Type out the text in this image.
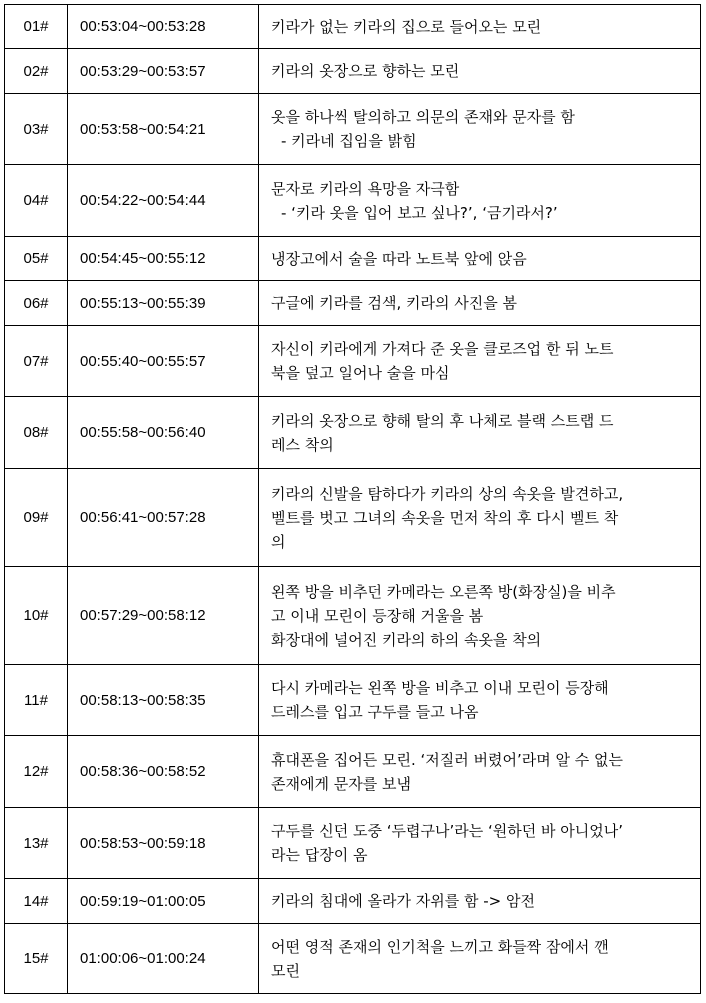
01#	00:53:04~00:53:28	키라가 없는 키라의 집으로 들어오는 모린

02#	00:53:29~00:53:57	키라의 옷장으로 향하는 모린

03#	00:53:58~00:54:21	옷을 하나씩 탈의하고 의문의 존재와 문자를 함
- 키라네 집임을 밝힘

04#	00:54:22~00:54:44	문자로 키라의 욕망을 자극함
- ‘키라 옷을 입어 보고 싶나?’, ‘금기라서?’

05#	00:54:45~00:55:12	냉장고에서 술을 따라 노트북 앞에 앉음

06#	00:55:13~00:55:39	구글에 키라를 검색, 키라의 사진을 봄

07#	00:55:40~00:55:57	자신이 키라에게 가져다 준 옷을 클로즈업 한 뒤 노트
북을 덮고 일어나 술을 마심

08#	00:55:58~00:56:40	키라의 옷장으로 향해 탈의 후 나체로 블랙 스트랩 드
레스 착의

09#	00:56:41~00:57:28	키라의 신발을 탐하다가 키라의 상의 속옷을 발견하고,
벨트를 벗고 그녀의 속옷을 먼저 착의 후 다시 벨트 착
의

10#	00:57:29~00:58:12	왼쪽 방을 비추던 카메라는 오른쪽 방(화장실)을 비추
고 이내 모린이 등장해 거울을 봄
화장대에 널어진 키라의 하의 속옷을 착의

11#	00:58:13~00:58:35	다시 카메라는 왼쪽 방을 비추고 이내 모린이 등장해
드레스를 입고 구두를 들고 나옴

12#	00:58:36~00:58:52	휴대폰을 집어든 모린. ‘저질러 버렸어’라며 알 수 없는
존재에게 문자를 보냄

13#	00:58:53~00:59:18	구두를 신던 도중 ‘두렵구나’라는 ‘원하던 바 아니었나’
라는 답장이 옴

14#	00:59:19~01:00:05	키라의 침대에 올라가 자위를 함 -> 암전

15#	01:00:06~01:00:24	어떤 영적 존재의 인기척을 느끼고 화들짝 잠에서 깬
모린
